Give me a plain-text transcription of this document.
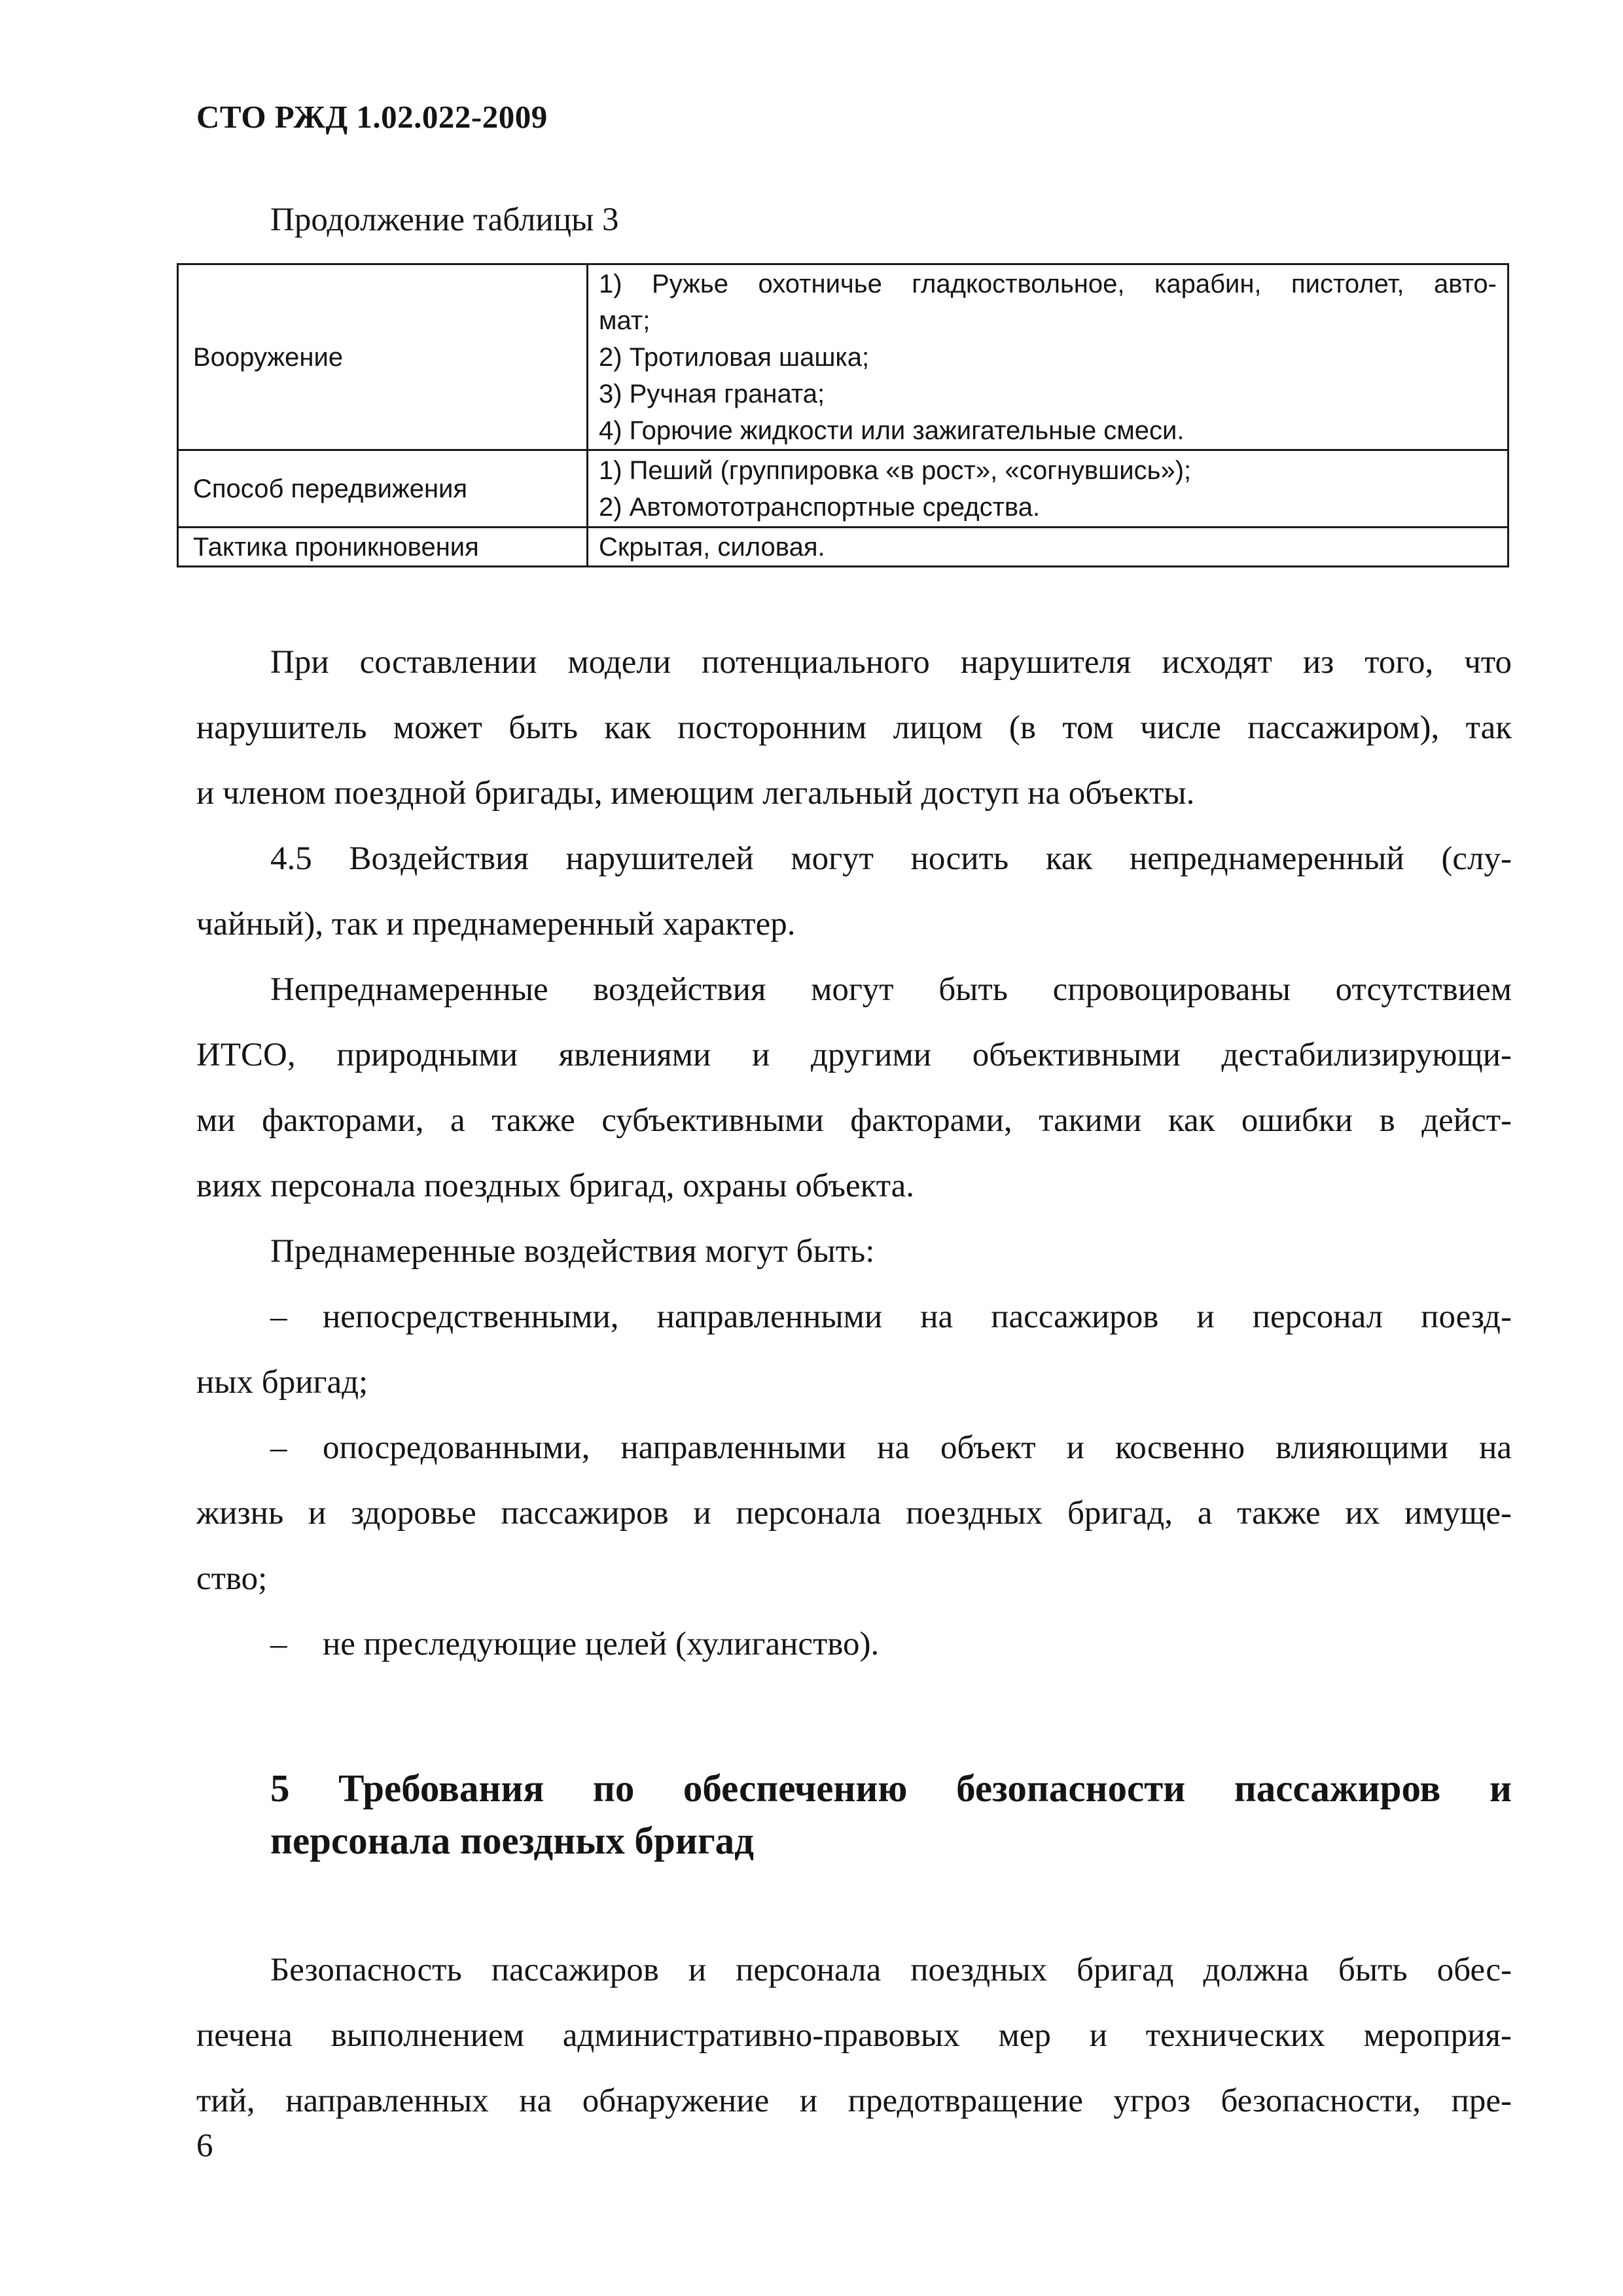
СТО РЖД 1.02.022-2009
Продолжение таблицы 3
Вооружение	1) Ружье охотничье гладкоствольное, карабин, пистолет, авто-
мат;
2) Тротиловая шашка;
3) Ручная граната;
4) Горючие жидкости или зажигательные смеси.

Способ передвижения	1) Пеший (группировка «в рост», «согнувшись»);
2) Автомототранспортные средства.

Тактика проникновения	Скрытая, силовая.
При составлении модели потенциального нарушителя исходят из того, что
нарушитель может быть как посторонним лицом (в том числе пассажиром), так
и членом поездной бригады, имеющим легальный доступ на объекты.
4.5 Воздействия нарушителей могут носить как непреднамеренный (слу-
чайный), так и преднамеренный характер.
Непреднамеренные воздействия могут быть спровоцированы отсутствием
ИТСО, природными явлениями и другими объективными дестабилизирующи-
ми факторами, а также субъективными факторами, такими как ошибки в дейст-
виях персонала поездных бригад, охраны объекта.
Преднамеренные воздействия могут быть:
– непосредственными, направленными на пассажиров и персонал поезд-
ных бригад;
– опосредованными, направленными на объект и косвенно влияющими на
жизнь и здоровье пассажиров и персонала поездных бригад, а также их имуще-
ство;
– не преследующие целей (хулиганство).
5 Требования по обеспечению безопасности пассажиров и
персонала поездных бригад
Безопасность пассажиров и персонала поездных бригад должна быть обес-
печена выполнением административно-правовых мер и технических мероприя-
тий, направленных на обнаружение и предотвращение угроз безопасности, пре-
6
